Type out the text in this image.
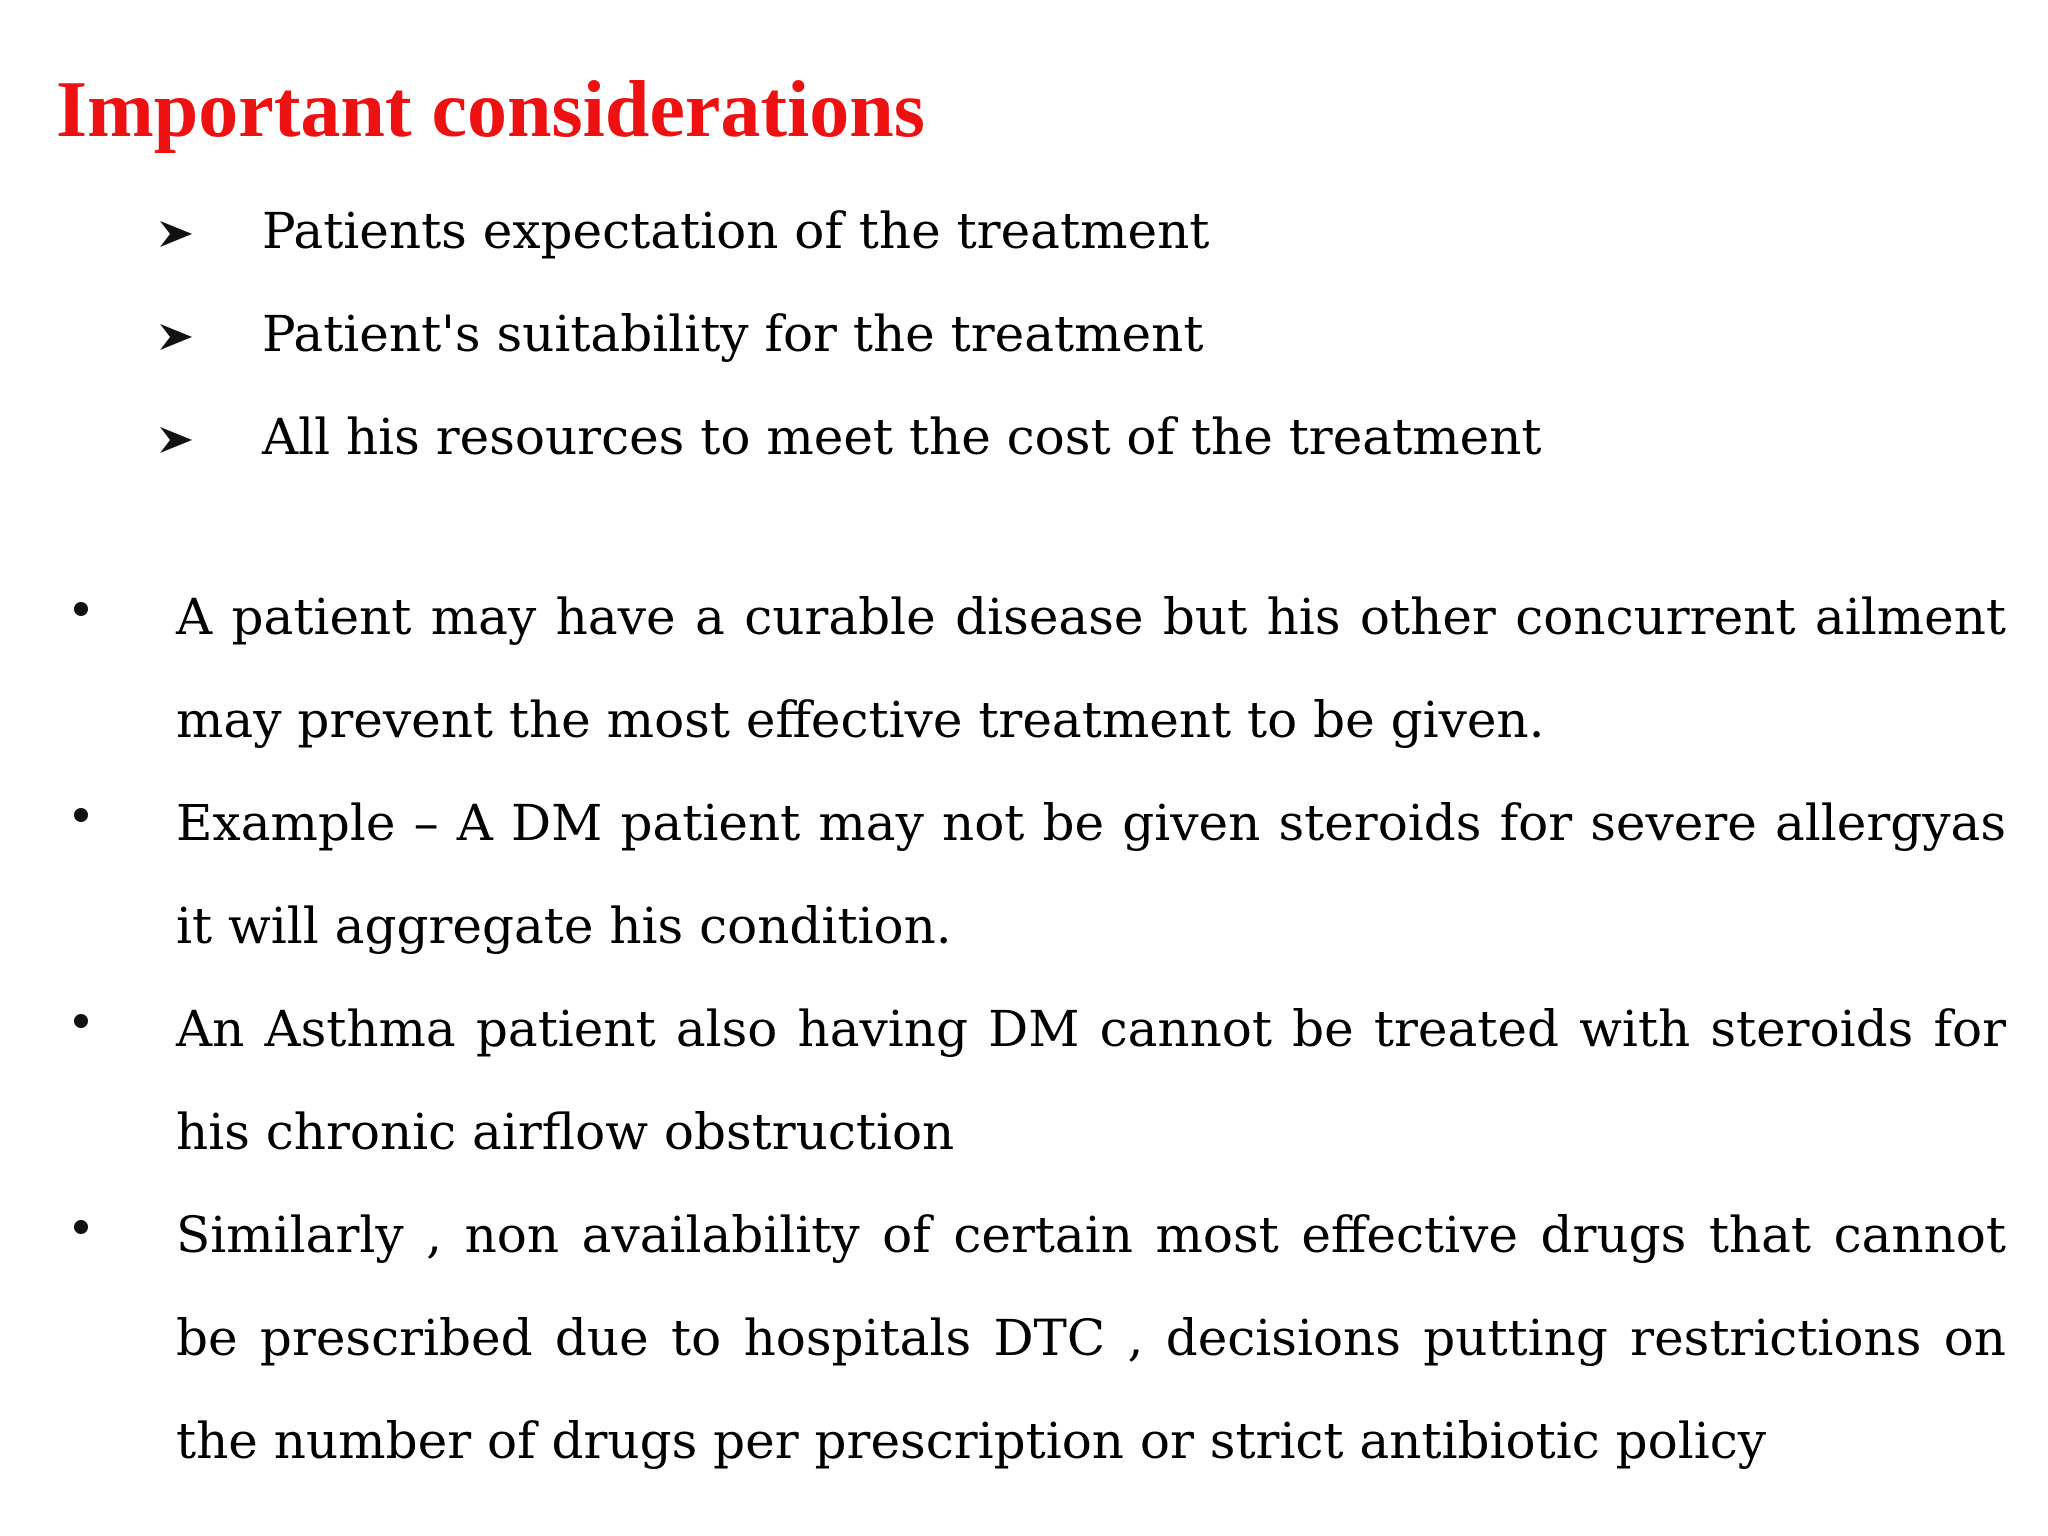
Important considerations
Patients expectation of the treatment
Patient's suitability for the treatment
All his resources to meet the cost of the treatment
A patient may have a curable disease but his other concurrent ailment may prevent the most effective treatment to be given.
Example – A DM patient may not be given steroids for severe allergyas it will aggregate his condition.
An Asthma patient also having DM cannot be treated with steroids for his chronic airflow obstruction
Similarly , non availability of certain most effective drugs that cannot be prescribed due to hospitals DTC , decisions putting restrictions on the number of drugs per prescription or strict antibiotic policy
